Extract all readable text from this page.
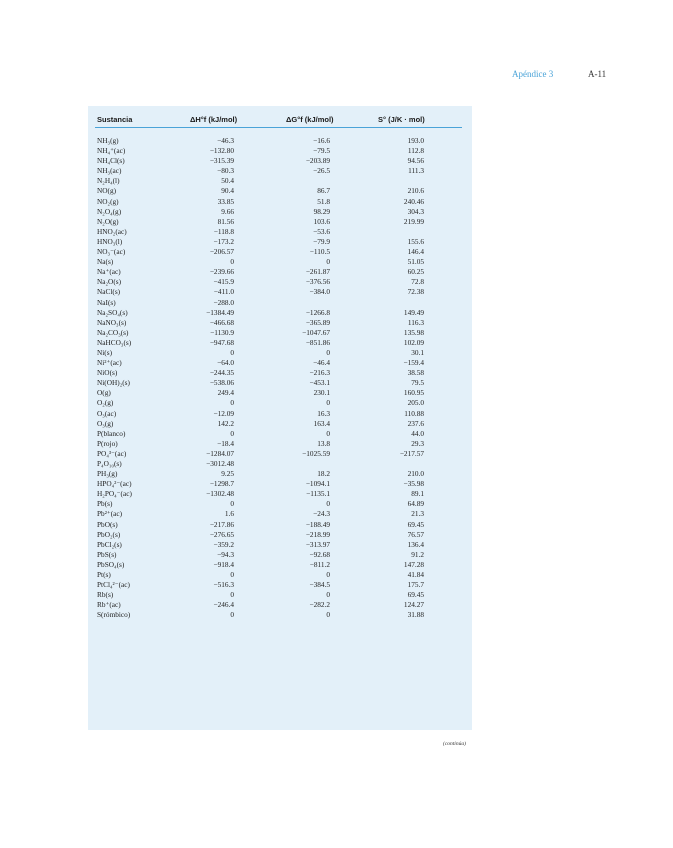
Apéndice 3	A-11
Sustancia	ΔH°f (kJ/mol)	ΔG°f (kJ/mol)	S° (J/K · mol)
NH₃(g)	−46.3	−16.6	193.0
NH₄⁺(ac)	−132.80	−79.5	112.8
NH₄Cl(s)	−315.39	−203.89	94.56
NH₃(ac)	−80.3	−26.5	111.3
N₂H₄(l)	50.4
NO(g)	90.4	86.7	210.6
NO₂(g)	33.85	51.8	240.46
N₂O₄(g)	9.66	98.29	304.3
N₂O(g)	81.56	103.6	219.99
HNO₂(ac)	−118.8	−53.6
HNO₃(l)	−173.2	−79.9	155.6
NO₃⁻(ac)	−206.57	−110.5	146.4
Na(s)	0	0	51.05
Na⁺(ac)	−239.66	−261.87	60.25
Na₂O(s)	−415.9	−376.56	72.8
NaCl(s)	−411.0	−384.0	72.38
NaI(s)	−288.0
Na₂SO₄(s)	−1384.49	−1266.8	149.49
NaNO₃(s)	−466.68	−365.89	116.3
Na₂CO₃(s)	−1130.9	−1047.67	135.98
NaHCO₃(s)	−947.68	−851.86	102.09
Ni(s)	0	0	30.1
Ni²⁺(ac)	−64.0	−46.4	−159.4
NiO(s)	−244.35	−216.3	38.58
Ni(OH)₂(s)	−538.06	−453.1	79.5
O(g)	249.4	230.1	160.95
O₂(g)	0	0	205.0
O₃(ac)	−12.09	16.3	110.88
O₃(g)	142.2	163.4	237.6
P(blanco)	0	0	44.0
P(rojo)	−18.4	13.8	29.3
PO₄³⁻(ac)	−1284.07	−1025.59	−217.57
P₄O₁₀(s)	−3012.48
PH₃(g)	9.25	18.2	210.0
HPO₄²⁻(ac)	−1298.7	−1094.1	−35.98
H₂PO₄⁻(ac)	−1302.48	−1135.1	89.1
Pb(s)	0	0	64.89
Pb²⁺(ac)	1.6	−24.3	21.3
PbO(s)	−217.86	−188.49	69.45
PbO₂(s)	−276.65	−218.99	76.57
PbCl₂(s)	−359.2	−313.97	136.4
PbS(s)	−94.3	−92.68	91.2
PbSO₄(s)	−918.4	−811.2	147.28
Pt(s)	0	0	41.84
PtCl₄²⁻(ac)	−516.3	−384.5	175.7
Rb(s)	0	0	69.45
Rb⁺(ac)	−246.4	−282.2	124.27
S(rómbico)	0	0	31.88
(continúa)
